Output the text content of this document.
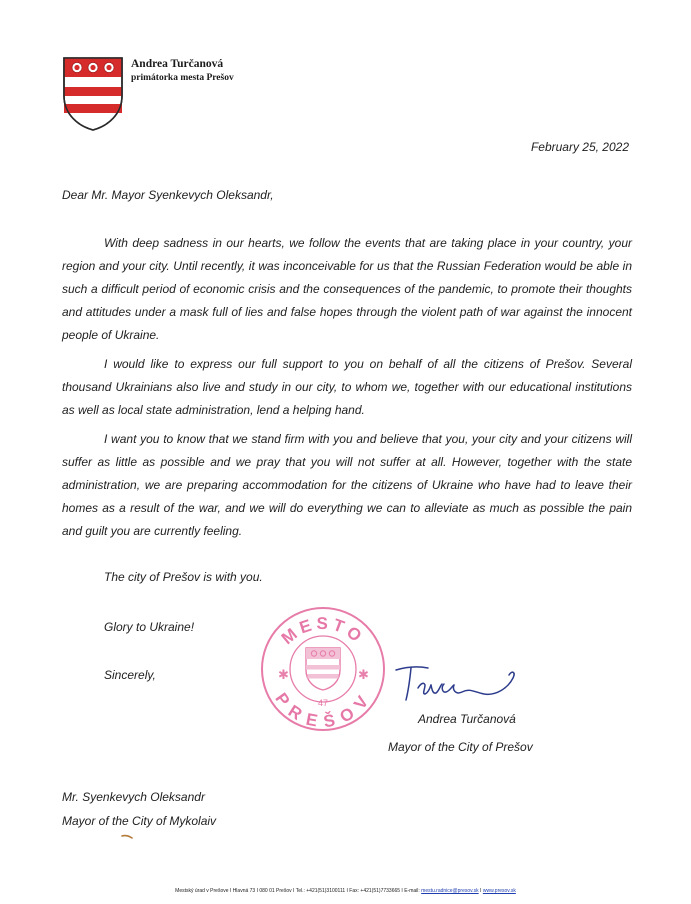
Andrea Turčanová
primátorka mesta Prešov
February 25, 2022
Dear Mr. Mayor Syenkevych Oleksandr,

With deep sadness in our hearts, we follow the events that are taking place in your country, your region and your city. Until recently, it was inconceivable for us that the Russian Federation would be able in such a difficult period of economic crisis and the consequences of the pandemic, to promote their thoughts and attitudes under a mask full of lies and false hopes through the violent path of war against the innocent people of Ukraine.

I would like to express our full support to you on behalf of all the citizens of Prešov. Several thousand Ukrainians also live and study in our city, to whom we, together with our educational institutions as well as local state administration, lend a helping hand.

I want you to know that we stand firm with you and believe that you, your city and your citizens will suffer as little as possible and we pray that you will not suffer at all. However, together with the state administration, we are preparing accommodation for the citizens of Ukraine who have had to leave their homes as a result of the war, and we will do everything we can to alleviate as much as possible the pain and guilt you are currently feeling.

The city of Prešov is with you.
Glory to Ukraine!
Sincerely,
MESTO
PREŠOV
✱	✱
47
Andrea Turčanová
Mayor of the City of Prešov
Mr. Syenkevych Oleksandr
Mayor of the City of Mykolaiv
Mestský úrad v Prešove I Hlavná 73 I 080 01 Prešov I Tel.: +421(51)3100111 I Fax: +421(51)7733665 I E-mail: mestu.radnice@presov.sk I www.presov.sk
